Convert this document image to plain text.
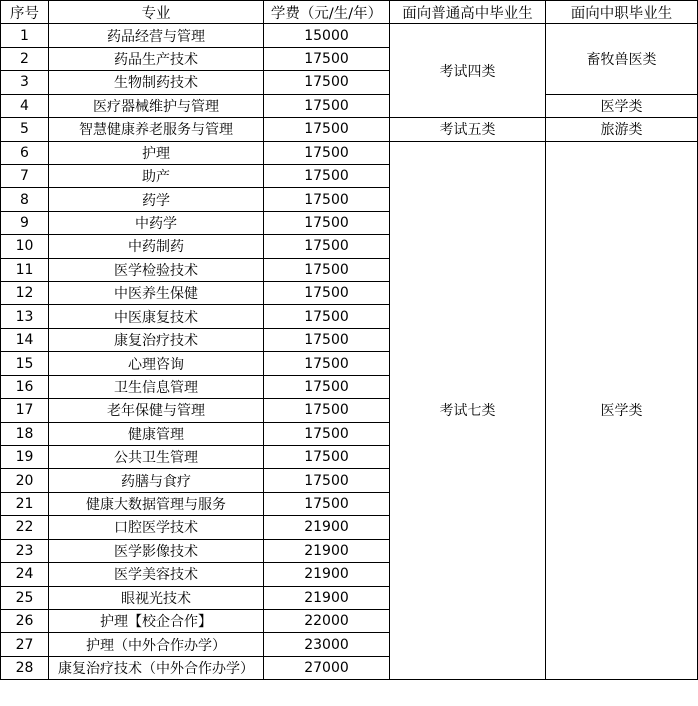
序号	专业	学费（元/生/年）	面向普通高中毕业生	面向中职毕业生
1	药品经营与管理	15000	考试四类	畜牧兽医类
2	药品生产技术	17500		
3	生物制药技术	17500		
4	医疗器械维护与管理	17500		医学类
5	智慧健康养老服务与管理	17500	考试五类	旅游类
6	护理	17500	考试七类	医学类
7	助产	17500		
8	药学	17500		
9	中药学	17500		
10	中药制药	17500		
11	医学检验技术	17500		
12	中医养生保健	17500		
13	中医康复技术	17500		
14	康复治疗技术	17500		
15	心理咨询	17500		
16	卫生信息管理	17500		
17	老年保健与管理	17500		
18	健康管理	17500		
19	公共卫生管理	17500		
20	药膳与食疗	17500		
21	健康大数据管理与服务	17500		
22	口腔医学技术	21900		
23	医学影像技术	21900		
24	医学美容技术	21900		
25	眼视光技术	21900		
26	护理【校企合作】	22000		
27	护理（中外合作办学）	23000		
28	康复治疗技术（中外合作办学）	27000		
